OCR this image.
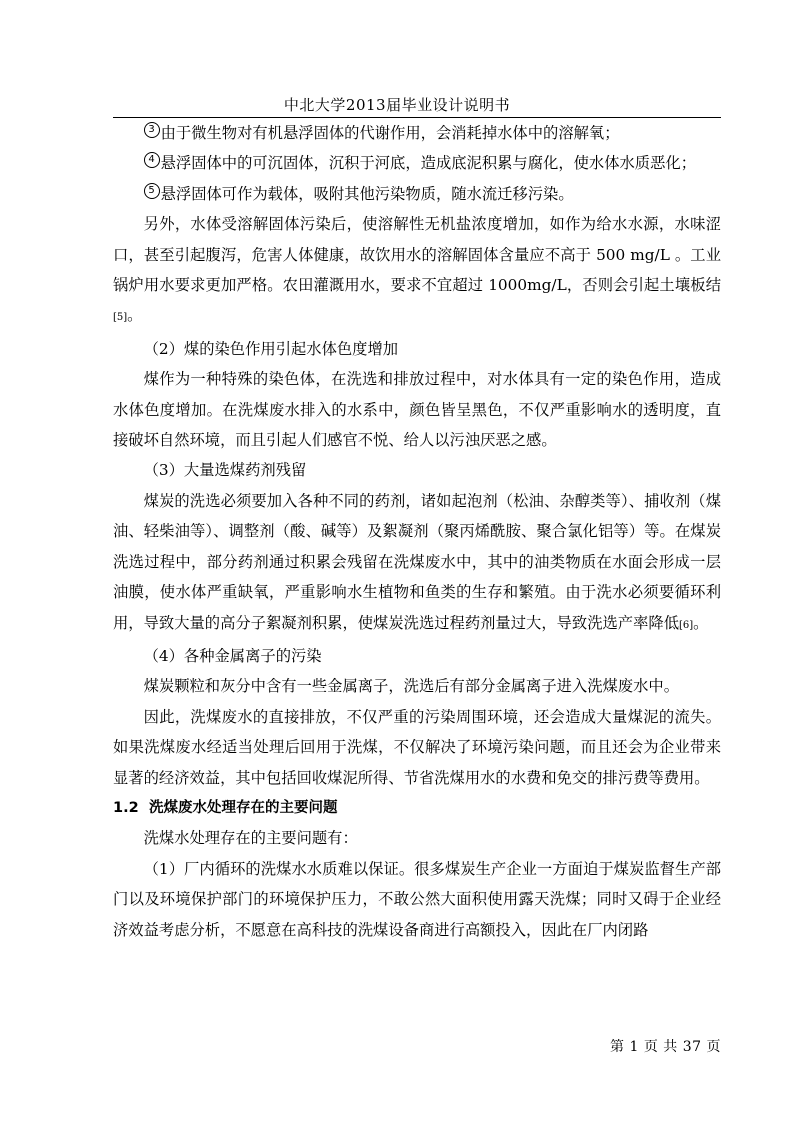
中北大学2013届毕业设计说明书

3 由于微生物对有机悬浮固体的代谢作用，会消耗掉水体中的溶解氧；

4 悬浮固体中的可沉固体，沉积于河底，造成底泥积累与腐化，使水体水质恶化；

5 悬浮固体可作为载体，吸附其他污染物质，随水流迁移污染。

另外，水体受溶解固体污染后，使溶解性无机盐浓度增加，如作为给水水源，水味涩口，甚至引起腹泻，危害人体健康，故饮用水的溶解固体含量应不高于 500 mg/L 。工业锅炉用水要求更加严格。农田灌溉用水，要求不宜超过 1000mg/L，否则会引起土壤板结[5]。

（2）煤的染色作用引起水体色度增加

煤作为一种特殊的染色体，在洗选和排放过程中，对水体具有一定的染色作用，造成水体色度增加。在洗煤废水排入的水系中，颜色皆呈黑色，不仅严重影响水的透明度，直接破坏自然环境，而且引起人们感官不悦、给人以污浊厌恶之感。

（3）大量选煤药剂残留

煤炭的洗选必须要加入各种不同的药剂，诸如起泡剂（松油、杂醇类等）、捕收剂（煤油、轻柴油等）、调整剂（酸、碱等）及絮凝剂（聚丙烯酰胺、聚合氯化铝等）等。在煤炭洗选过程中，部分药剂通过积累会残留在洗煤废水中，其中的油类物质在水面会形成一层油膜，使水体严重缺氧，严重影响水生植物和鱼类的生存和繁殖。由于洗水必须要循环利用，导致大量的高分子絮凝剂积累，使煤炭洗选过程药剂量过大，导致洗选产率降低[6]。

（4）各种金属离子的污染

煤炭颗粒和灰分中含有一些金属离子，洗选后有部分金属离子进入洗煤废水中。

因此，洗煤废水的直接排放，不仅严重的污染周围环境，还会造成大量煤泥的流失。如果洗煤废水经适当处理后回用于洗煤，不仅解决了环境污染问题，而且还会为企业带来显著的经济效益，其中包括回收煤泥所得、节省洗煤用水的水费和免交的排污费等费用。

1.2 洗煤废水处理存在的主要问题

洗煤水处理存在的主要问题有：

（1）厂内循环的洗煤水水质难以保证。很多煤炭生产企业一方面迫于煤炭监督生产部门以及环境保护部门的环境保护压力，不敢公然大面积使用露天洗煤；同时又碍于企业经济效益考虑分析，不愿意在高科技的洗煤设备商进行高额投入，因此在厂内闭路

第 1 页 共 37 页
